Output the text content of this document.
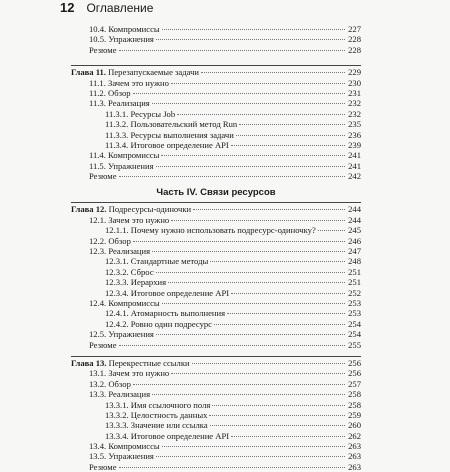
12 Оглавление
10.4. Компромиссы	227
10.5. Упражнения	228
Резюме	228
Глава 11. Перезапускаемые задачи	229
11.1. Зачем это нужно	230
11.2. Обзор	231
11.3. Реализация	232
11.3.1. Ресурсы Job	232
11.3.2. Пользовательский метод Run	235
11.3.3. Ресурсы выполнения задачи	236
11.3.4. Итоговое определение API	239
11.4. Компромиссы	241
11.5. Упражнения	241
Резюме	242
Часть IV. Связи ресурсов
Глава 12. Подресурсы-одиночки	244
12.1. Зачем это нужно	244
12.1.1. Почему нужно использовать подресурс-одиночку?	245
12.2. Обзор	246
12.3. Реализация	247
12.3.1. Стандартные методы	248
12.3.2. Сброс	251
12.3.3. Иерархия	251
12.3.4. Итоговое определение API	252
12.4. Компромиссы	253
12.4.1. Атомарность выполнения	253
12.4.2. Ровно один подресурс	254
12.5. Упражнения	254
Резюме	255
Глава 13. Перекрестные ссылки	256
13.1. Зачем это нужно	256
13.2. Обзор	257
13.3. Реализация	258
13.3.1. Имя ссылочного поля	258
13.3.2. Целостность данных	259
13.3.3. Значение или ссылка	260
13.3.4. Итоговое определение API	262
13.4. Компромиссы	263
13.5. Упражнения	263
Резюме	263
